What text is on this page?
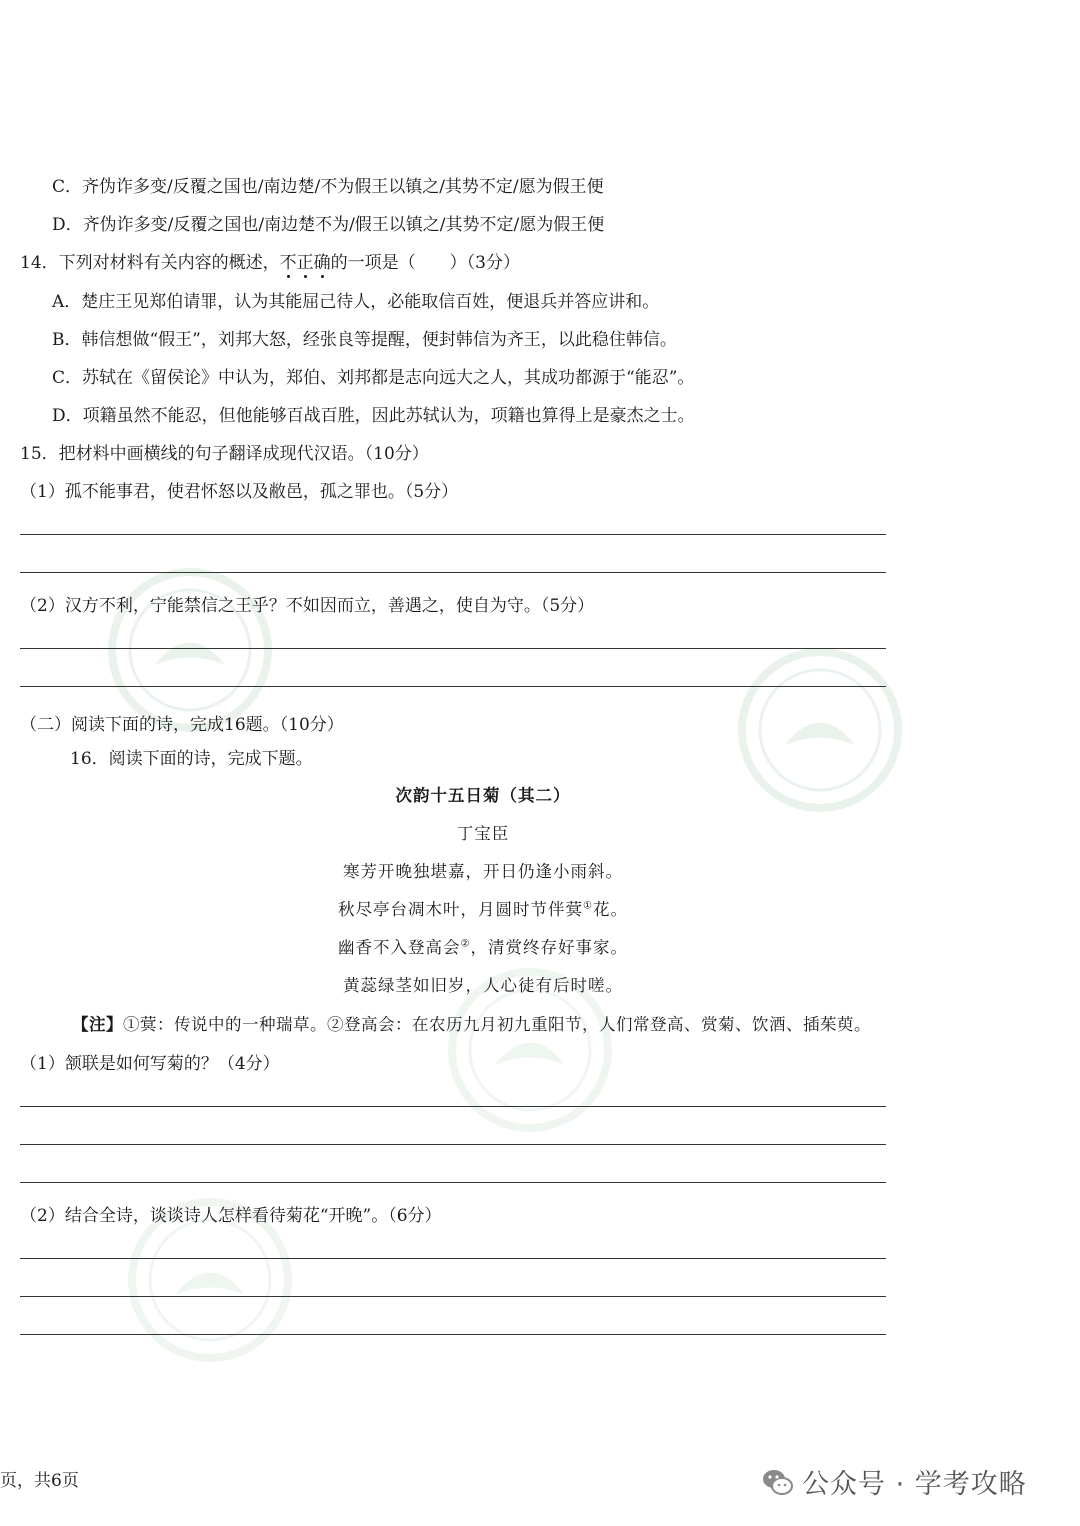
C．齐伪诈多变/反覆之国也/南边楚/不为假王以镇之/其势不定/愿为假王便
D．齐伪诈多变/反覆之国也/南边楚不为/假王以镇之/其势不定/愿为假王便
14．下列对材料有关内容的概述，不正确的一项是（　　）（3分）
A．楚庄王见郑伯请罪，认为其能屈己待人，必能取信百姓，便退兵并答应讲和。
B．韩信想做“假王”，刘邦大怒，经张良等提醒，便封韩信为齐王，以此稳住韩信。
C．苏轼在《留侯论》中认为，郑伯、刘邦都是志向远大之人，其成功都源于“能忍”。
D．项籍虽然不能忍，但他能够百战百胜，因此苏轼认为，项籍也算得上是豪杰之士。
15．把材料中画横线的句子翻译成现代汉语。（10分）
（1）孤不能事君，使君怀怒以及敝邑，孤之罪也。（5分）
（2）汉方不利，宁能禁信之王乎？不如因而立，善遇之，使自为守。（5分）
（二）阅读下面的诗，完成16题。（10分）
16．阅读下面的诗，完成下题。
次韵十五日菊（其二）
丁宝臣
寒芳开晚独堪嘉，开日仍逢小雨斜。
秋尽亭台凋木叶，月圆时节伴蓂①花。
幽香不入登高会②，清赏终存好事家。
黄蕊绿茎如旧岁，人心徒有后时嗟。
【注】①蓂：传说中的一种瑞草。②登高会：在农历九月初九重阳节，人们常登高、赏菊、饮酒、插茱萸。
（1）颔联是如何写菊的？（4分）
（2）结合全诗，谈谈诗人怎样看待菊花“开晚”。（6分）
页，共6页	公众号 · 学考攻略
